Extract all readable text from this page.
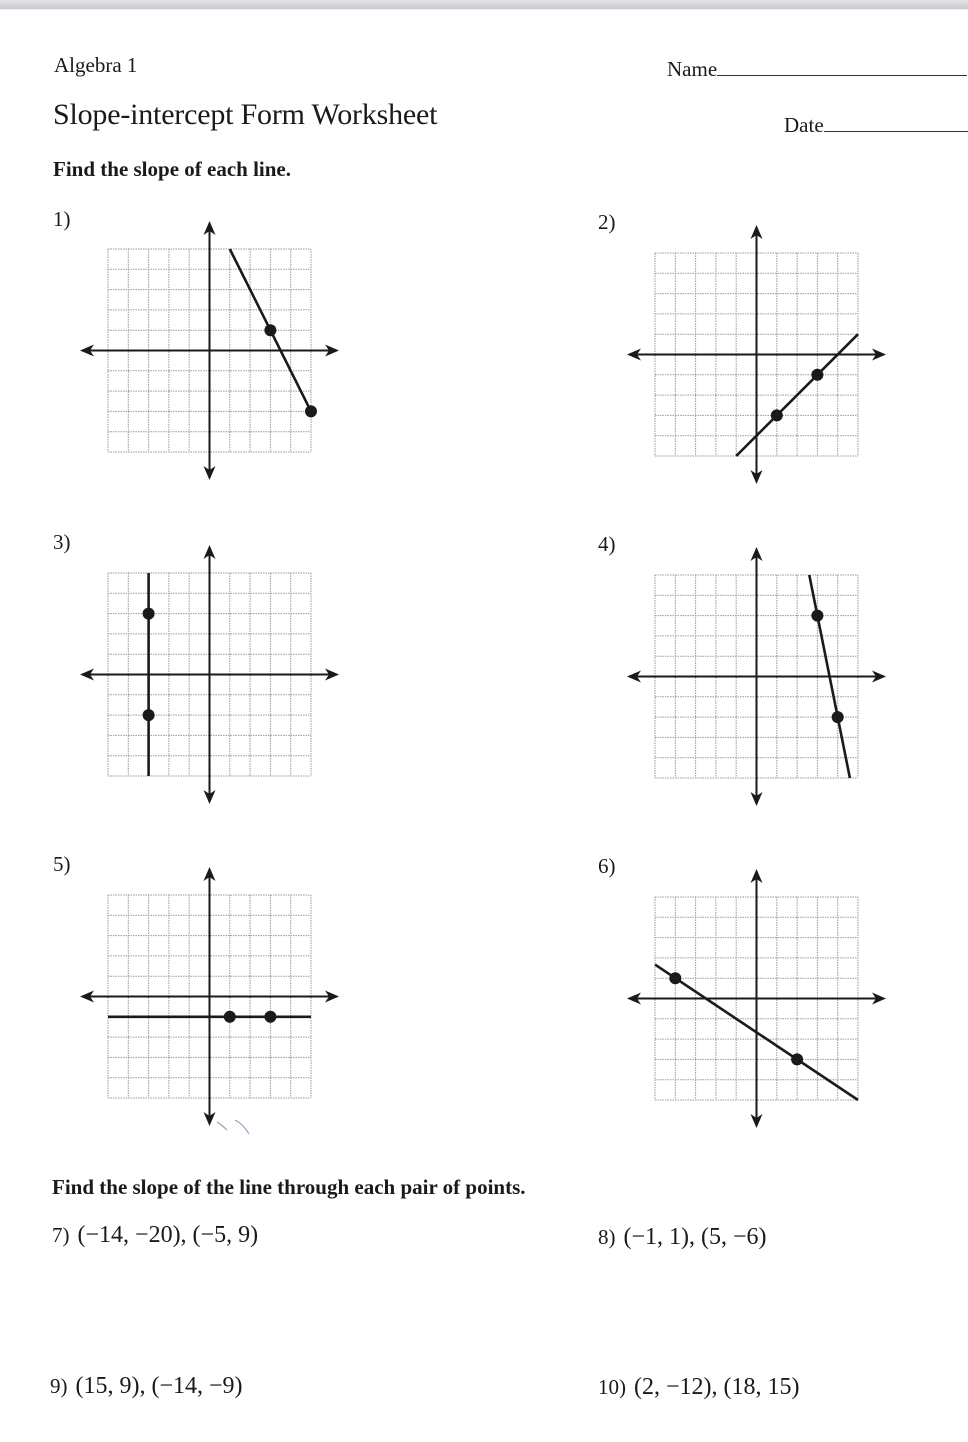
Algebra 1
Slope-intercept Form Worksheet
Name
Date
Find the slope of each line.
1)	2)
3)	4)
5)	6)
Find the slope of the line through each pair of points.
7) (−14, −20), (−5, 9)	8) (−1, 1), (5, −6)
9) (15, 9), (−14, −9)	10) (2, −12), (18, 15)
